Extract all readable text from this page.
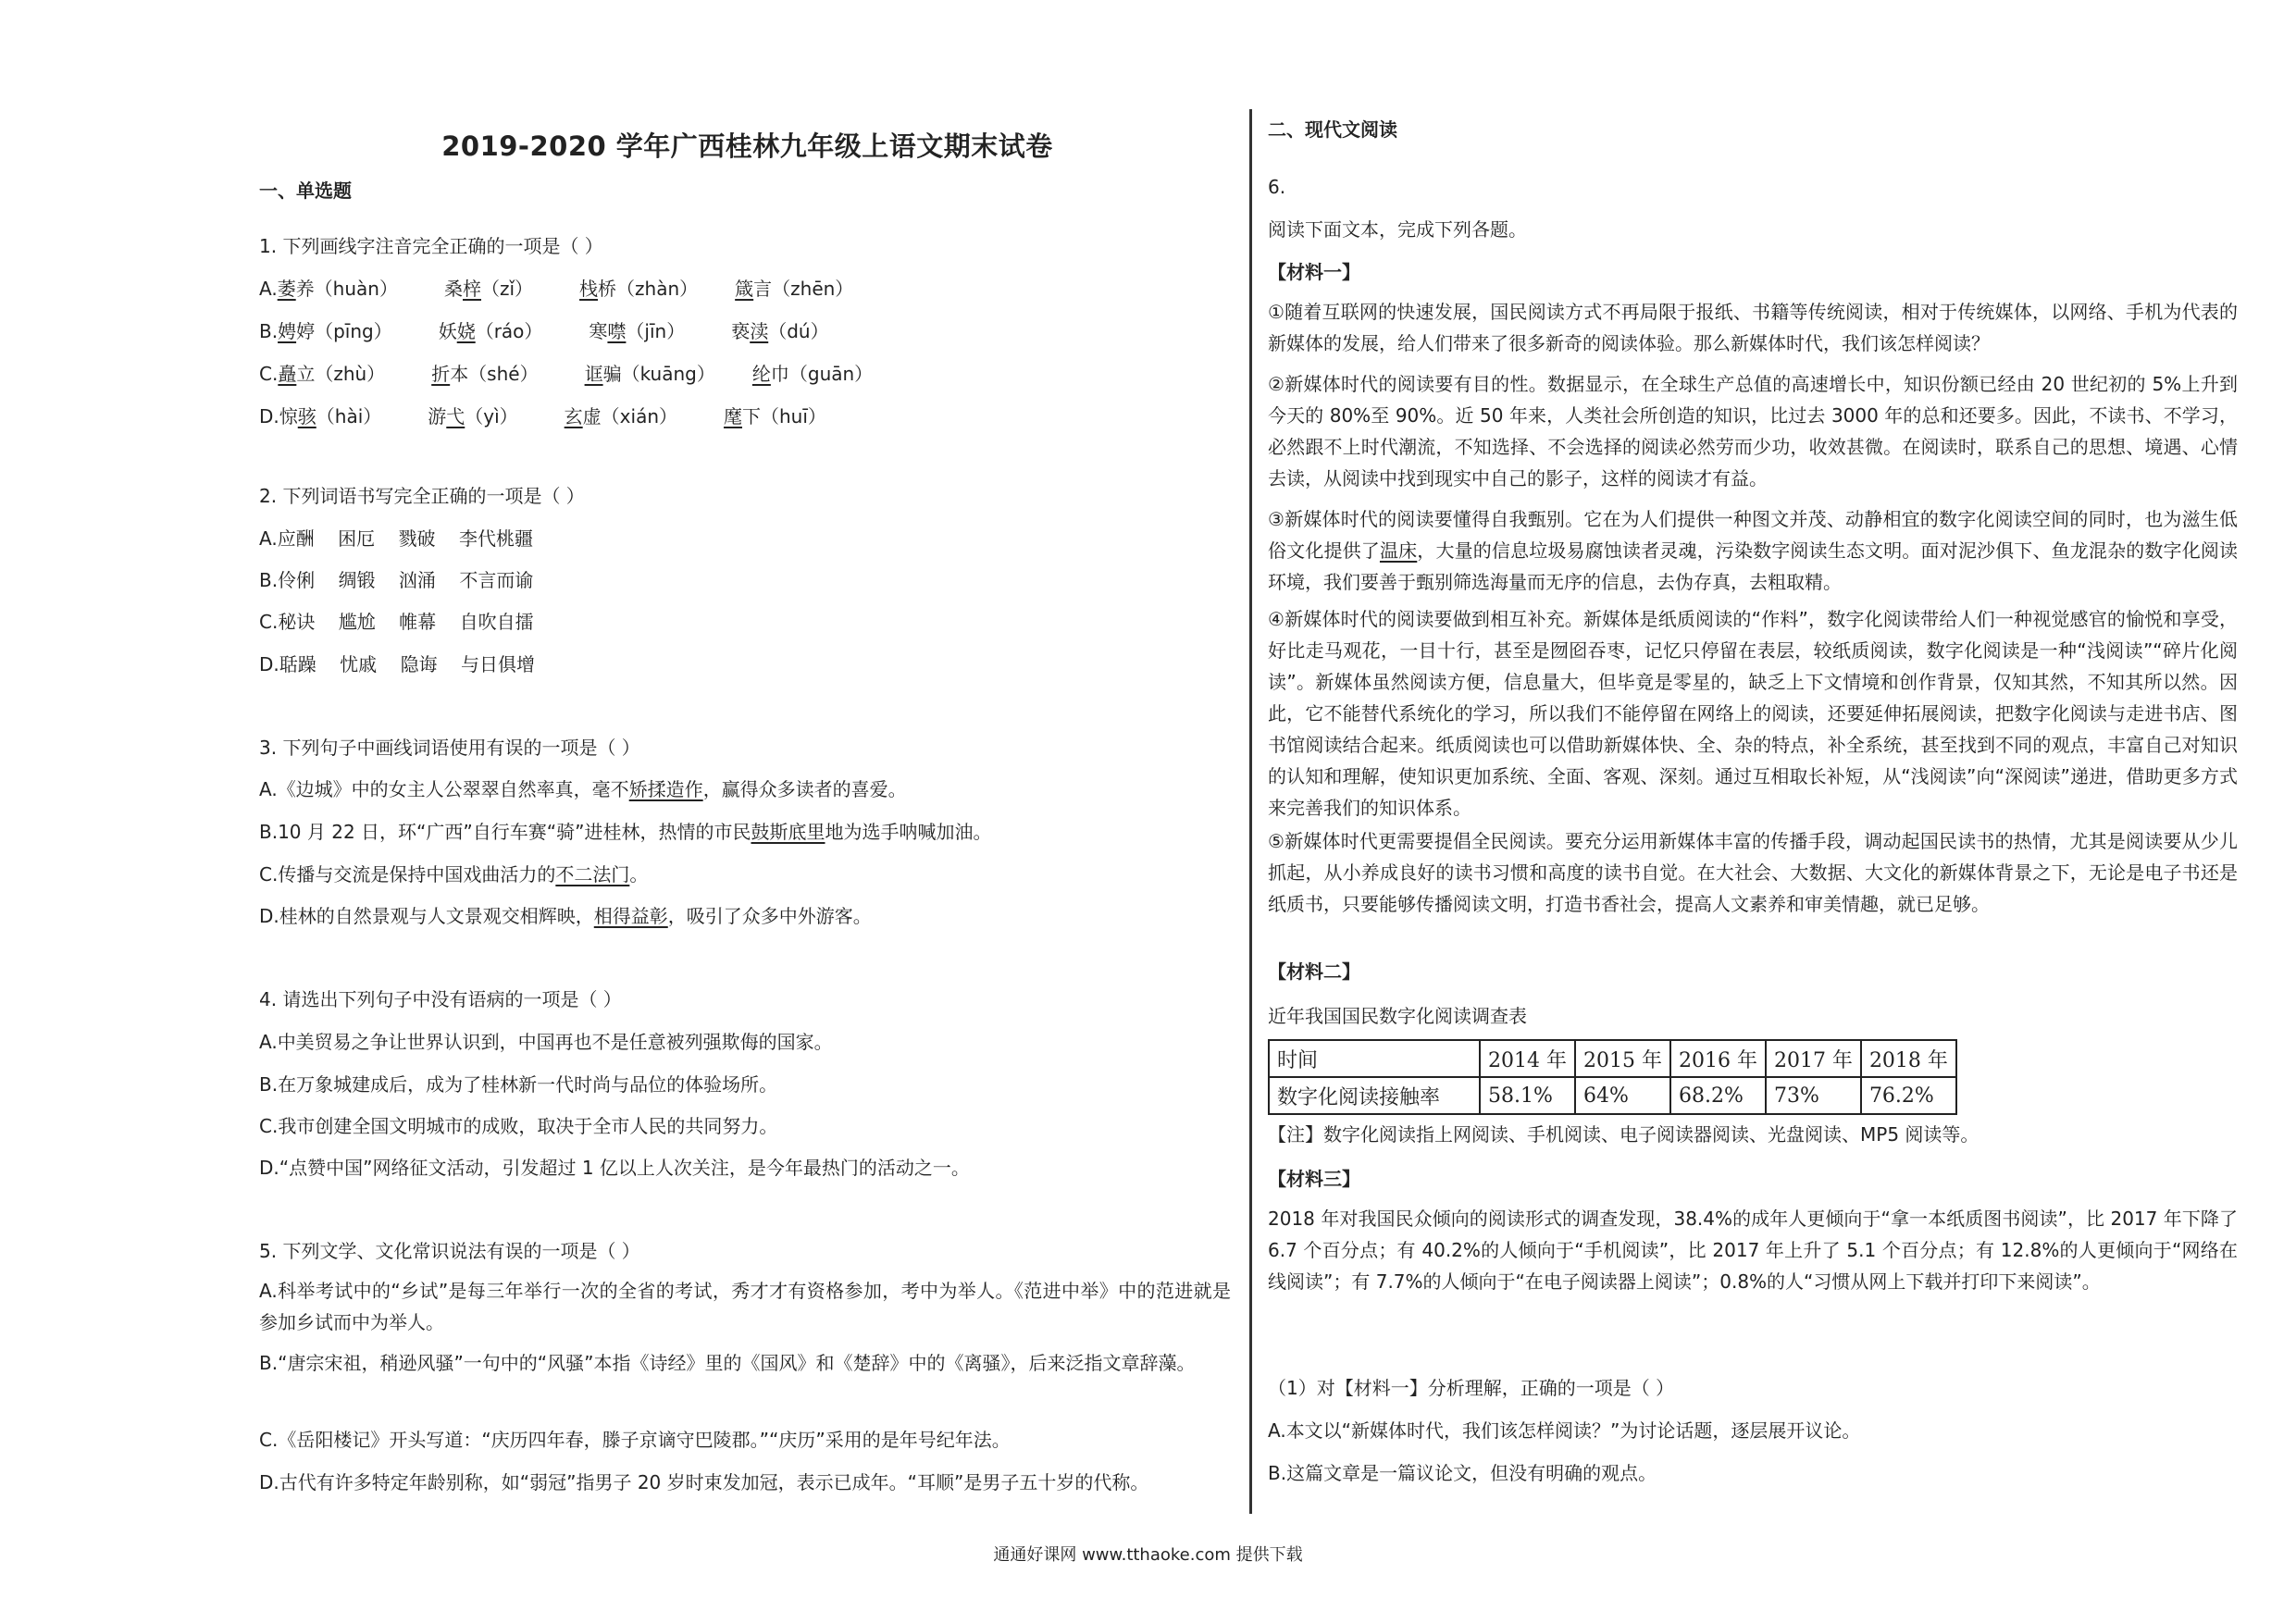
2019-2020 学年广西桂林九年级上语文期末试卷
一、单选题
1. 下列画线字注音完全正确的一项是（ ）
A.萎养（huàn）	桑梓（zǐ）	栈桥（zhàn） 箴言（zhēn）
B.娉婷（pīng）	妖娆（ráo）	寒噤（jīn）	亵渎（dú）
C.矗立（zhù）	折本（shé）	诓骗（kuāng） 纶巾（guān）
D.惊骇（hài）	游弋（yì）	玄虚（xián）	麾下（huī）
2. 下列词语书写完全正确的一项是（ ）
A.应酬    困厄    戮破    李代桃疆
B.伶俐    绸锻    汹涌    不言而谕
C.秘诀    尴尬    帷幕    自吹自擂
D.聒躁    忧戚    隐诲    与日俱增
3. 下列句子中画线词语使用有误的一项是（ ）
A.《边城》中的女主人公翠翠自然率真，毫不矫揉造作，赢得众多读者的喜爱。
B.10 月 22 日，环“广西”自行车赛“骑”进桂林，热情的市民鼓斯底里地为选手呐喊加油。
C.传播与交流是保持中国戏曲活力的不二法门。
D.桂林的自然景观与人文景观交相辉映，相得益彰，吸引了众多中外游客。
4. 请选出下列句子中没有语病的一项是（ ）
A.中美贸易之争让世界认识到，中国再也不是任意被列强欺侮的国家。
B.在万象城建成后，成为了桂林新一代时尚与品位的体验场所。
C.我市创建全国文明城市的成败，取决于全市人民的共同努力。
D.“点赞中国”网络征文活动，引发超过 1 亿以上人次关注，是今年最热门的活动之一。
5. 下列文学、文化常识说法有误的一项是（ ）
A.科举考试中的“乡试”是每三年举行一次的全省的考试，秀才才有资格参加，考中为举人。《范进中举》中的范进就是参加乡试而中为举人。
B.“唐宗宋祖，稍逊风骚”一句中的“风骚”本指《诗经》里的《国风》和《楚辞》中的《离骚》，后来泛指文章辞藻。
C.《岳阳楼记》开头写道：“庆历四年春，滕子京谪守巴陵郡。”“庆历”采用的是年号纪年法。
D.古代有许多特定年龄别称，如“弱冠”指男子 20 岁时束发加冠，表示已成年。“耳顺”是男子五十岁的代称。
二、现代文阅读
6.
阅读下面文本，完成下列各题。
【材料一】
①随着互联网的快速发展，国民阅读方式不再局限于报纸、书籍等传统阅读，相对于传统媒体，以网络、手机为代表的新媒体的发展，给人们带来了很多新奇的阅读体验。那么新媒体时代，我们该怎样阅读？
②新媒体时代的阅读要有目的性。数据显示，在全球生产总值的高速增长中，知识份额已经由 20 世纪初的 5%上升到今天的 80%至 90%。近 50 年来，人类社会所创造的知识，比过去 3000 年的总和还要多。因此，不读书、不学习，必然跟不上时代潮流，不知选择、不会选择的阅读必然劳而少功，收效甚微。在阅读时，联系自己的思想、境遇、心情去读，从阅读中找到现实中自己的影子，这样的阅读才有益。
③新媒体时代的阅读要懂得自我甄别。它在为人们提供一种图文并茂、动静相宜的数字化阅读空间的同时，也为滋生低俗文化提供了温床，大量的信息垃圾易腐蚀读者灵魂，污染数字阅读生态文明。面对泥沙俱下、鱼龙混杂的数字化阅读环境，我们要善于甄别筛选海量而无序的信息，去伪存真，去粗取精。
④新媒体时代的阅读要做到相互补充。新媒体是纸质阅读的“作料”，数字化阅读带给人们一种视觉感官的愉悦和享受，好比走马观花，一目十行，甚至是囫囵吞枣，记忆只停留在表层，较纸质阅读，数字化阅读是一种“浅阅读”“碎片化阅读”。新媒体虽然阅读方便，信息量大，但毕竟是零星的，缺乏上下文情境和创作背景，仅知其然，不知其所以然。因此，它不能替代系统化的学习，所以我们不能停留在网络上的阅读，还要延伸拓展阅读，把数字化阅读与走进书店、图书馆阅读结合起来。纸质阅读也可以借助新媒体快、全、杂的特点，补全系统，甚至找到不同的观点，丰富自己对知识的认知和理解，使知识更加系统、全面、客观、深刻。通过互相取长补短，从“浅阅读”向“深阅读”递进，借助更多方式来完善我们的知识体系。
⑤新媒体时代更需要提倡全民阅读。要充分运用新媒体丰富的传播手段，调动起国民读书的热情，尤其是阅读要从少儿抓起，从小养成良好的读书习惯和高度的读书自觉。在大社会、大数据、大文化的新媒体背景之下，无论是电子书还是纸质书，只要能够传播阅读文明，打造书香社会，提高人文素养和审美情趣，就已足够。
【材料二】
近年我国国民数字化阅读调查表
时间	2014 年	2015 年	2016 年	2017 年	2018 年
数字化阅读接触率	58.1%	64%	68.2%	73%	76.2%
【注】数字化阅读指上网阅读、手机阅读、电子阅读器阅读、光盘阅读、MP5 阅读等。
【材料三】
2018 年对我国民众倾向的阅读形式的调查发现，38.4%的成年人更倾向于“拿一本纸质图书阅读”，比 2017 年下降了 6.7 个百分点；有 40.2%的人倾向于“手机阅读”，比 2017 年上升了 5.1 个百分点；有 12.8%的人更倾向于“网络在线阅读”；有 7.7%的人倾向于“在电子阅读器上阅读”；0.8%的人“习惯从网上下载并打印下来阅读”。
（1）对【材料一】分析理解，正确的一项是（ ）
A.本文以“新媒体时代，我们该怎样阅读？”为讨论话题，逐层展开议论。
B.这篇文章是一篇议论文，但没有明确的观点。
通通好课网 www.tthaoke.com 提供下载
